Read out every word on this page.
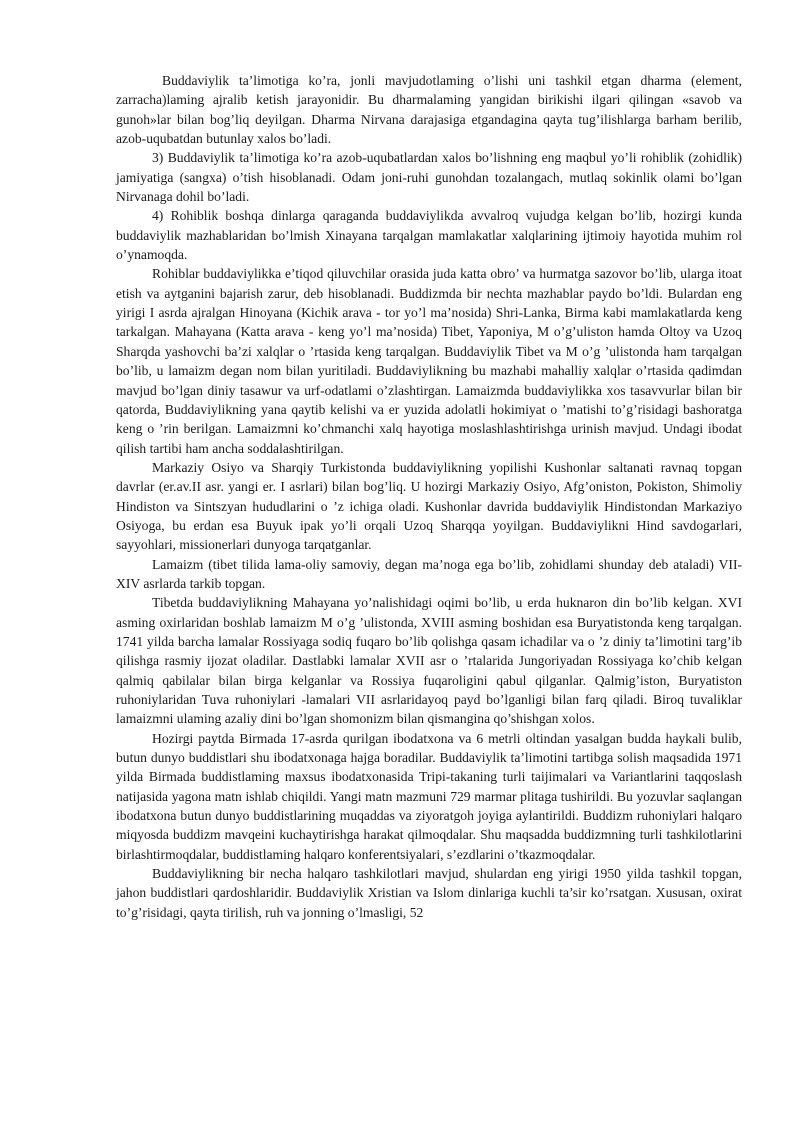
Buddaviylik ta’limotiga ko’ra, jonli mavjudotlaming o’lishi uni tashkil etgan dharma (element, zarracha)laming ajralib ketish jarayonidir. Bu dharmalaming yangidan birikishi ilgari qilingan «savob va gunoh»lar bilan bog’liq deyilgan. Dharma Nirvana darajasiga etgandagina qayta tug’ilishlarga barham berilib, azob-uqubatdan butunlay xalos bo’ladi.

3) Buddaviylik ta’limotiga ko’ra azob-uqubatlardan xalos bo’lishning eng maqbul yo’li rohiblik (zohidlik) jamiyatiga (sangxa) o’tish hisoblanadi. Odam joni-ruhi gunohdan tozalangach, mutlaq sokinlik olami bo’lgan Nirvanaga dohil bo’ladi.

4) Rohiblik boshqa dinlarga qaraganda buddaviylikda avvalroq vujudga kelgan bo’lib, hozirgi kunda buddaviylik mazhablaridan bo’lmish Xinayana tarqalgan mamlakatlar xalqlarining ijtimoiy hayotida muhim rol o’ynamoqda.

Rohiblar buddaviylikka e’tiqod qiluvchilar orasida juda katta obro’ va hurmatga sazovor bo’lib, ularga itoat etish va aytganini bajarish zarur, deb hisoblanadi. Buddizmda bir nechta mazhablar paydo bo’ldi. Bulardan eng yirigi I asrda ajralgan Hinoyana (Kichik arava - tor yo’l ma’nosida) Shri-Lanka, Birma kabi mamlakatlarda keng tarkalgan. Mahayana (Katta arava - keng yo’l ma’nosida) Tibet, Yaponiya, M o’g’uliston hamda Oltoy va Uzoq Sharqda yashovchi ba’zi xalqlar o ’rtasida keng tarqalgan. Buddaviylik Tibet va M o’g ’ulistonda ham tarqalgan bo’lib, u lamaizm degan nom bilan yuritiladi. Buddaviylikning bu mazhabi mahalliy xalqlar o’rtasida qadimdan mavjud bo’lgan diniy tasawur va urf-odatlami o’zlashtirgan. Lamaizmda buddaviylikka xos tasavvurlar bilan bir qatorda, Buddaviylikning yana qaytib kelishi va er yuzida adolatli hokimiyat o ’matishi to’g’risidagi bashoratga keng o ’rin berilgan. Lamaizmni ko’chmanchi xalq hayotiga moslashlashtirishga urinish mavjud. Undagi ibodat qilish tartibi ham ancha soddalashtirilgan.

Markaziy Osiyo va Sharqiy Turkistonda buddaviylikning yopilishi Kushonlar saltanati ravnaq topgan davrlar (er.av.II asr. yangi er. I asrlari) bilan bog’liq. U hozirgi Markaziy Osiyo, Afg’oniston, Pokiston, Shimoliy Hindiston va Sintszyan hududlarini o ’z ichiga oladi. Kushonlar davrida buddaviylik Hindistondan Markaziyo Osiyoga, bu erdan esa Buyuk ipak yo’li orqali Uzoq Sharqqa yoyilgan. Buddaviylikni Hind savdogarlari, sayyohlari, missionerlari dunyoga tarqatganlar.

Lamaizm (tibet tilida lama-oliy samoviy, degan ma’noga ega bo’lib, zohidlami shunday deb ataladi) VII-XIV asrlarda tarkib topgan.

Tibetda buddaviylikning Mahayana yo’nalishidagi oqimi bo’lib, u erda huknaron din bo’lib kelgan. XVI asming oxirlaridan boshlab lamaizm M o’g ’ulistonda, XVIII asming boshidan esa Buryatistonda keng tarqalgan. 1741 yilda barcha lamalar Rossiyaga sodiq fuqaro bo’lib qolishga qasam ichadilar va o ’z diniy ta’limotini targ’ib qilishga rasmiy ijozat oladilar. Dastlabki lamalar XVII asr o ’rtalarida Jungoriyadan Rossiyaga ko’chib kelgan qalmiq qabilalar bilan birga kelganlar va Rossiya fuqaroligini qabul qilganlar. Qalmig’iston, Buryatiston ruhoniylaridan Tuva ruhoniylari -lamalari VII asrlaridayoq payd bo’lganligi bilan farq qiladi. Biroq tuvaliklar lamaizmni ulaming azaliy dini bo’lgan shomonizm bilan qismangina qo’shishgan xolos.

Hozirgi paytda Birmada 17-asrda qurilgan ibodatxona va 6 metrli oltindan yasalgan budda haykali bulib, butun dunyo buddistlari shu ibodatxonaga hajga boradilar. Buddaviylik ta’limotini tartibga solish maqsadida 1971 yilda Birmada buddistlaming maxsus ibodatxonasida Tripi-takaning turli taijimalari va Variantlarini taqqoslash natijasida yagona matn ishlab chiqildi. Yangi matn mazmuni 729 marmar plitaga tushirildi. Bu yozuvlar saqlangan ibodatxona butun dunyo buddistlarining muqaddas va ziyoratgoh joyiga aylantirildi. Buddizm ruhoniylari halqaro miqyosda buddizm mavqeini kuchaytirishga harakat qilmoqdalar. Shu maqsadda buddizmning turli tashkilotlarini birlashtirmoqdalar, buddistlaming halqaro konferentsiyalari, s’ezdlarini o’tkazmoqdalar.

Buddaviylikning bir necha halqaro tashkilotlari mavjud, shulardan eng yirigi 1950 yilda tashkil topgan, jahon buddistlari qardoshlaridir. Buddaviylik Xristian va Islom dinlariga kuchli ta’sir ko’rsatgan. Xususan, oxirat to’g’risidagi, qayta tirilish, ruh va jonning o’lmasligi, 52
